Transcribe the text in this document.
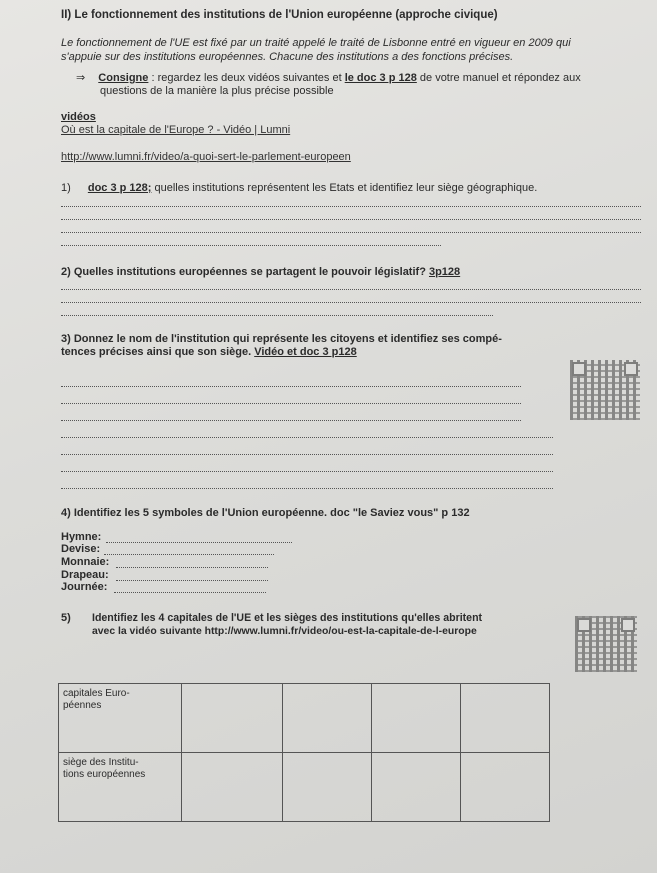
II) Le fonctionnement des institutions de l'Union européenne (approche civique)
Le fonctionnement de l'UE est fixé par un traité appelé le traité de Lisbonne entré en vigueur en 2009 qui
s'appuie sur des institutions européennes. Chacune des institutions a des fonctions précises.
⇒ Consigne : regardez les deux vidéos suivantes et le doc 3 p 128 de votre manuel et répondez aux
questions de la manière la plus précise possible
vidéos
Où est la capitale de l'Europe ? - Vidéo | Lumni
http://www.lumni.fr/video/a-quoi-sert-le-parlement-europeen
1) doc 3 p 128; quelles institutions représentent les Etats et identifiez leur siège géographique.
2) Quelles institutions européennes se partagent le pouvoir législatif? 3p128
3) Donnez le nom de l'institution qui représente les citoyens et identifiez ses compé-
tences précises ainsi que son siège. Vidéo et doc 3 p128
4) Identifiez les 5 symboles de l'Union européenne. doc "le Saviez vous" p 132
Hymne:
Devise:
Monnaie:
Drapeau:
Journée:
5) Identifiez les 4 capitales de l'UE et les sièges des institutions qu'elles abritent
avec la vidéo suivante http://www.lumni.fr/video/ou-est-la-capitale-de-l-europe
capitales Euro-
péennes				
siège des Institu-
tions européennes				
